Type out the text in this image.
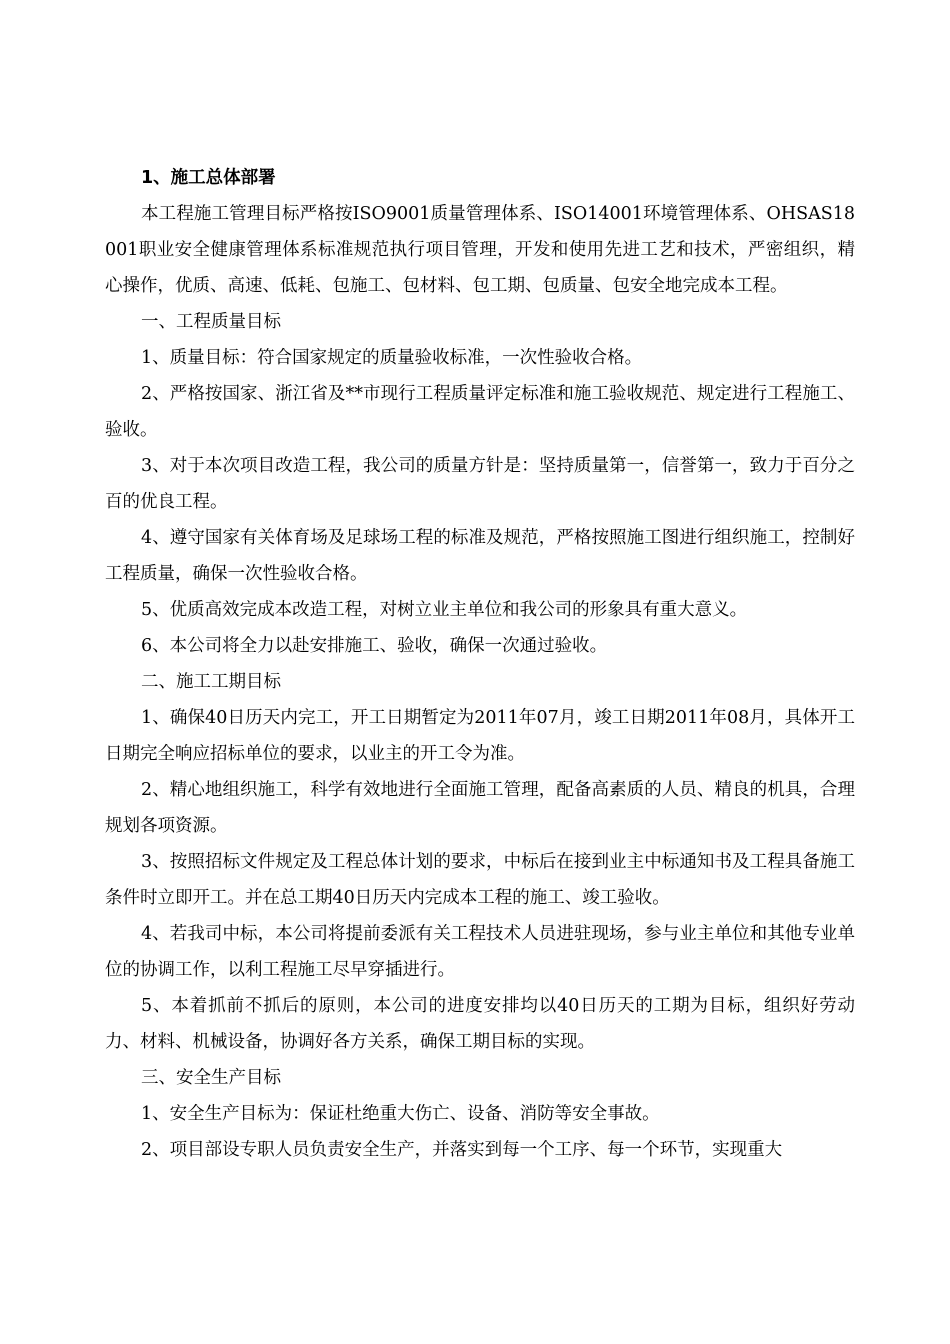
1、施工总体部署

本工程施工管理目标严格按ISO9001质量管理体系、ISO14001环境管理体系、OHSAS18001职业安全健康管理体系标准规范执行项目管理，开发和使用先进工艺和技术，严密组织，精心操作，优质、高速、低耗、包施工、包材料、包工期、包质量、包安全地完成本工程。

一、工程质量目标

1、质量目标：符合国家规定的质量验收标准，一次性验收合格。

2、严格按国家、浙江省及**市现行工程质量评定标准和施工验收规范、规定进行工程施工、验收。

3、对于本次项目改造工程，我公司的质量方针是：坚持质量第一，信誉第一，致力于百分之百的优良工程。

4、遵守国家有关体育场及足球场工程的标准及规范，严格按照施工图进行组织施工，控制好工程质量，确保一次性验收合格。

5、优质高效完成本改造工程，对树立业主单位和我公司的形象具有重大意义。

6、本公司将全力以赴安排施工、验收，确保一次通过验收。

二、施工工期目标

1、确保40日历天内完工，开工日期暂定为2011年07月，竣工日期2011年08月，具体开工日期完全响应招标单位的要求，以业主的开工令为准。

2、精心地组织施工，科学有效地进行全面施工管理，配备高素质的人员、精良的机具，合理规划各项资源。

3、按照招标文件规定及工程总体计划的要求，中标后在接到业主中标通知书及工程具备施工条件时立即开工。并在总工期40日历天内完成本工程的施工、竣工验收。

4、若我司中标，本公司将提前委派有关工程技术人员进驻现场，参与业主单位和其他专业单位的协调工作，以利工程施工尽早穿插进行。

5、本着抓前不抓后的原则，本公司的进度安排均以40日历天的工期为目标，组织好劳动力、材料、机械设备，协调好各方关系，确保工期目标的实现。

三、安全生产目标

1、安全生产目标为：保证杜绝重大伤亡、设备、消防等安全事故。

2、项目部设专职人员负责安全生产，并落实到每一个工序、每一个环节，实现重大
